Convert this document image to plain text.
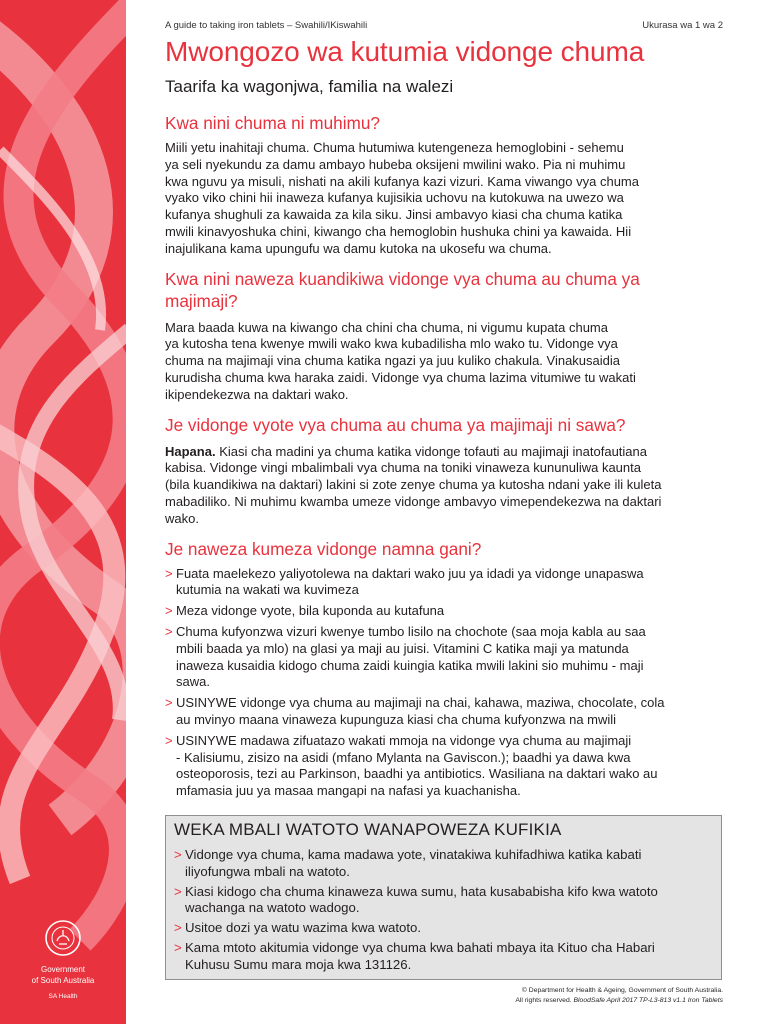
Government
of South Australia
SA Health
A guide to taking iron tablets – Swahili/IKiswahili	Ukurasa wa 1 wa 2
Mwongozo wa kutumia vidonge chuma
Taarifa ka wagonjwa, familia na walezi
Kwa nini chuma ni muhimu?

Miili yetu inahitaji chuma. Chuma hutumiwa kutengeneza hemoglobini - sehemu
ya seli nyekundu za damu ambayo hubeba oksijeni mwilini wako. Pia ni muhimu
kwa nguvu ya misuli, nishati na akili kufanya kazi vizuri. Kama viwango vya chuma
vyako viko chini hii inaweza kufanya kujisikia uchovu na kutokuwa na uwezo wa
kufanya shughuli za kawaida za kila siku. Jinsi ambavyo kiasi cha chuma katika
mwili kinavyoshuka chini, kiwango cha hemoglobin hushuka chini ya kawaida. Hii
inajulikana kama upungufu wa damu kutoka na ukosefu wa chuma.

Kwa nini naweza kuandikiwa vidonge vya chuma au chuma ya
majimaji?

Mara baada kuwa na kiwango cha chini cha chuma, ni vigumu kupata chuma
ya kutosha tena kwenye mwili wako kwa kubadilisha mlo wako tu. Vidonge vya
chuma na majimaji vina chuma katika ngazi ya juu kuliko chakula. Vinakusaidia
kurudisha chuma kwa haraka zaidi. Vidonge vya chuma lazima vitumiwe tu wakati
ikipendekezwa na daktari wako.

Je vidonge vyote vya chuma au chuma ya majimaji ni sawa?

Hapana. Kiasi cha madini ya chuma katika vidonge tofauti au majimaji inatofautiana
kabisa. Vidonge vingi mbalimbali vya chuma na toniki vinaweza kununuliwa kaunta
(bila kuandikiwa na daktari) lakini si zote zenye chuma ya kutosha ndani yake ili kuleta
mabadiliko. Ni muhimu kwamba umeze vidonge ambavyo vimependekezwa na daktari
wako.

Je naweza kumeza vidonge namna gani?
> Fuata maelekezo yaliyotolewa na daktari wako juu ya idadi ya vidonge unapaswa
kutumia na wakati wa kuvimeza
> Meza vidonge vyote, bila kuponda au kutafuna
> Chuma kufyonzwa vizuri kwenye tumbo lisilo na chochote (saa moja kabla au saa
mbili baada ya mlo) na glasi ya maji au juisi. Vitamini C katika maji ya matunda
inaweza kusaidia kidogo chuma zaidi kuingia katika mwili lakini sio muhimu - maji
sawa.
> USINYWE vidonge vya chuma au majimaji na chai, kahawa, maziwa, chocolate, cola
au mvinyo maana vinaweza kupunguza kiasi cha chuma kufyonzwa na mwili
> USINYWE madawa zifuatazo wakati mmoja na vidonge vya chuma au majimaji
- Kalisiumu, zisizo na asidi (mfano Mylanta na Gaviscon.); baadhi ya dawa kwa
osteoporosis, tezi au Parkinson, baadhi ya antibiotics. Wasiliana na daktari wako au
mfamasia juu ya masaa mangapi na nafasi ya kuachanisha.
WEKA MBALI WATOTO WANAPOWEZA KUFIKIA
> Vidonge vya chuma, kama madawa yote, vinatakiwa kuhifadhiwa katika kabati
iliyofungwa mbali na watoto.
> Kiasi kidogo cha chuma kinaweza kuwa sumu, hata kusababisha kifo kwa watoto
wachanga na watoto wadogo.
> Usitoe dozi ya watu wazima kwa watoto.
> Kama mtoto akitumia vidonge vya chuma kwa bahati mbaya ita Kituo cha Habari
Kuhusu Sumu mara moja kwa 131126.
© Department for Health & Ageing, Government of South Australia.
All rights reserved. BloodSafe April 2017 TP-L3-813 v1.1 Iron Tablets
